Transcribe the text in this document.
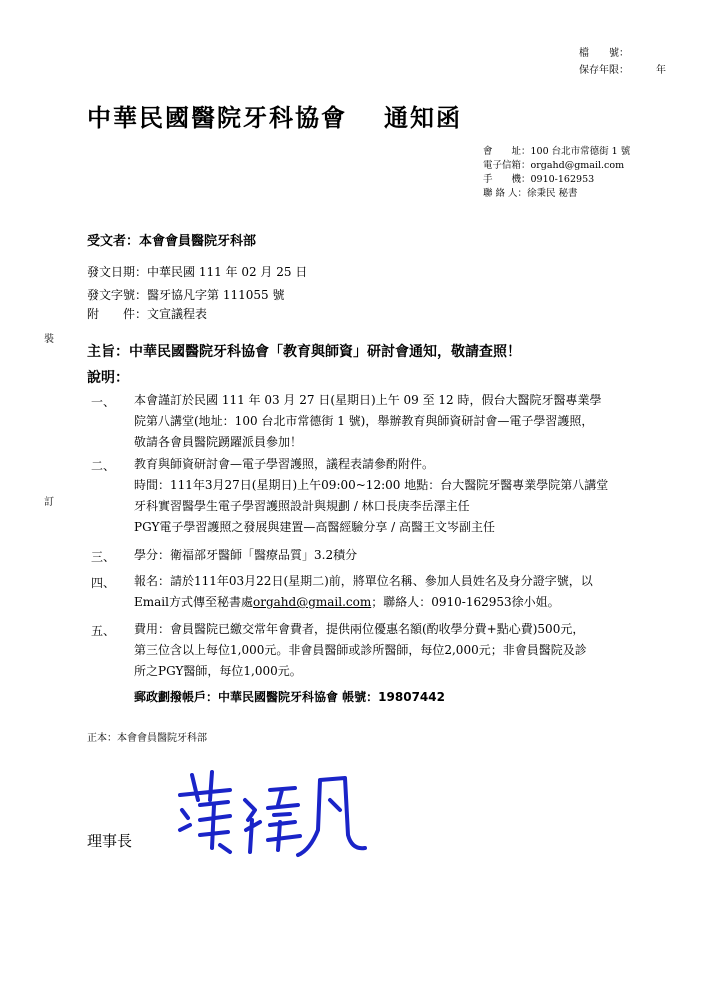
檔　　號：
保存年限：	年
中華民國醫院牙科協會 通知函
會　　址：100 台北市常德街 1 號
電子信箱：orgahd@gmail.com
手　　機：0910-162953
聯 絡 人：徐秉民 秘書
受文者：本會會員醫院牙科部
發文日期：中華民國 111 年 02 月 25 日
發文字號：醫牙協凡字第 111055 號
附　　件：文宣議程表
裝
訂
主旨：中華民國醫院牙科協會「教育與師資」研討會通知，敬請查照！
說明：
一、 本會謹訂於民國 111 年 03 月 27 日(星期日)上午 09 至 12 時，假台大醫院牙醫專業學
院第八講堂(地址：100 台北市常德街 1 號)，舉辦教育與師資研討會—電子學習護照，
敬請各會員醫院踴躍派員參加！
二、 教育與師資研討會—電子學習護照，議程表請參酌附件。
時間：111年3月27日(星期日)上午09:00~12:00 地點：台大醫院牙醫專業學院第八講堂
牙科實習醫學生電子學習護照設計與規劃 / 林口長庚李岳澤主任
PGY電子學習護照之發展與建置—高醫經驗分享 / 高醫王文岑副主任
三、 學分：衛福部牙醫師「醫療品質」3.2積分
四、 報名：請於111年03月22日(星期二)前，將單位名稱、參加人員姓名及身分證字號，以
Email方式傳至秘書處orgahd@gmail.com；聯絡人：0910-162953徐小姐。
五、 費用：會員醫院已繳交常年會費者，提供兩位優惠名額(酌收學分費+點心費)500元，
第三位含以上每位1,000元。非會員醫師或診所醫師，每位2,000元；非會員醫院及診
所之PGY醫師，每位1,000元。
郵政劃撥帳戶：中華民國醫院牙科協會 帳號：19807442
正本：本會會員醫院牙科部
理事長
蔣維凡
